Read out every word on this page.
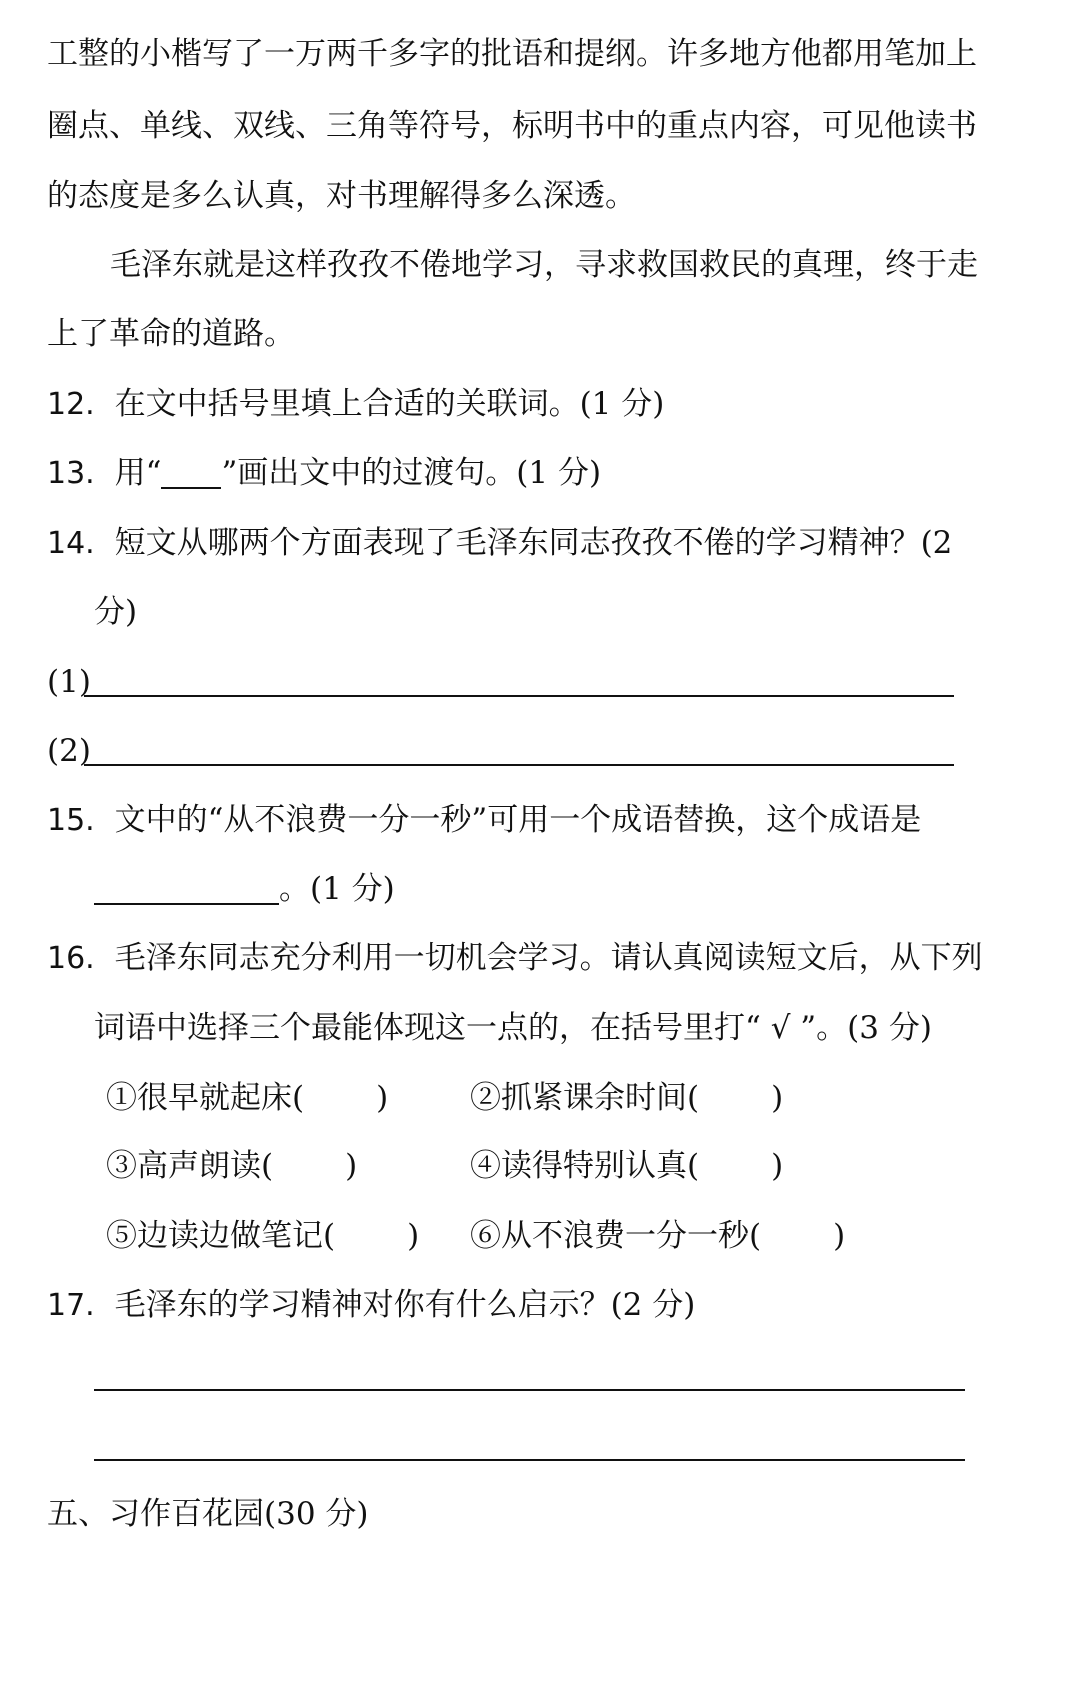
工整的小楷写了一万两千多字的批语和提纲。许多地方他都用笔加上
圈点、单线、双线、三角等符号，标明书中的重点内容，可见他读书
的态度是多么认真，对书理解得多么深透。
毛泽东就是这样孜孜不倦地学习，寻求救国救民的真理，终于走
上了革命的道路。
12. 在文中括号里填上合适的关联词。(1 分)
13. 用“ ”画出文中的过渡句。(1 分)
14. 短文从哪两个方面表现了毛泽东同志孜孜不倦的学习精神？(2
分)
(1)
(2)
15. 文中的“从不浪费一分一秒”可用一个成语替换，这个成语是
。(1 分)
16. 毛泽东同志充分利用一切机会学习。请认真阅读短文后，从下列
词语中选择三个最能体现这一点的，在括号里打“ √ ”。(3 分)
①很早就起床( )	②抓紧课余时间( )
③高声朗读( )	④读得特别认真( )
⑤边读边做笔记( ) ⑥从不浪费一分一秒( )
17. 毛泽东的学习精神对你有什么启示？(2 分)
五、习作百花园(30 分)
